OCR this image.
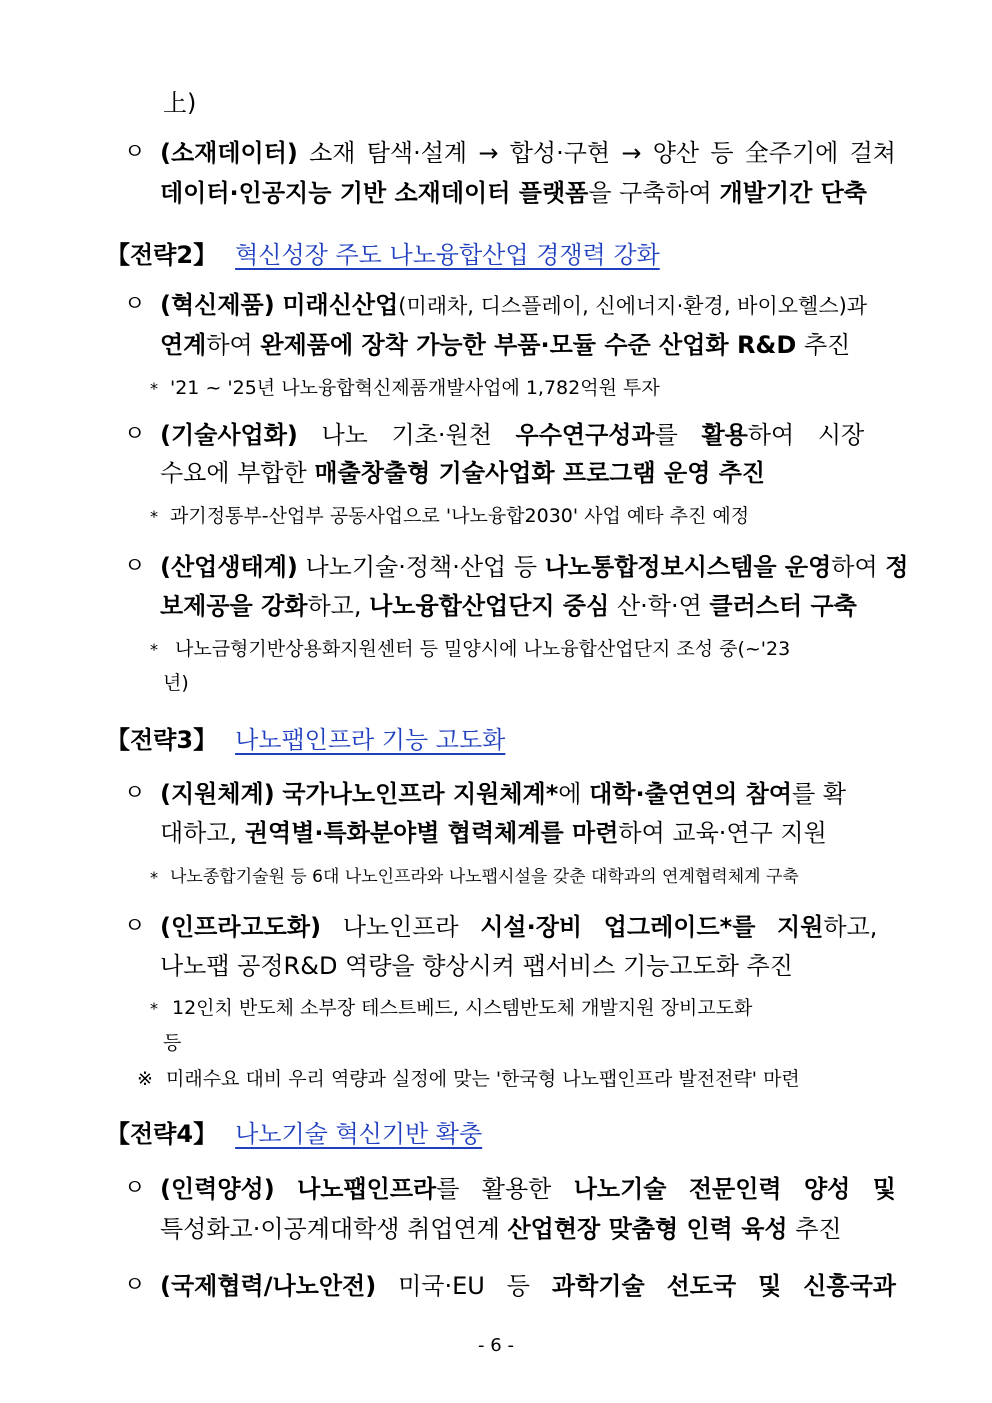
上)
ㅇ (소재데이터) 소재 탐색·설계 → 합성·구현 → 양산 등 全주기에 걸쳐
데이터·인공지능 기반 소재데이터 플랫폼을 구축하여 개발기간 단축
【전략2】 혁신성장 주도 나노융합산업 경쟁력 강화
ㅇ (혁신제품) 미래신산업(미래차, 디스플레이, 신에너지·환경, 바이오헬스)과
연계하여 완제품에 장착 가능한 부품·모듈 수준 산업화 R&D 추진
* '21 ~ '25년 나노융합혁신제품개발사업에 1,782억원 투자
ㅇ (기술사업화) 나노 기초·원천 우수연구성과를 활용하여 시장
수요에 부합한 매출창출형 기술사업화 프로그램 운영 추진
* 과기정통부-산업부 공동사업으로 '나노융합2030' 사업 예타 추진 예정
ㅇ (산업생태계) 나노기술·정책·산업 등 나노통합정보시스템을 운영하여 정
보제공을 강화하고, 나노융합산업단지 중심 산·학·연 클러스터 구축
* 나노금형기반상용화지원센터 등 밀양시에 나노융합산업단지 조성 중(~'23
년)
【전략3】 나노팹인프라 기능 고도화
ㅇ (지원체계) 국가나노인프라 지원체계*에 대학·출연연의 참여를 확
대하고, 권역별·특화분야별 협력체계를 마련하여 교육·연구 지원
* 나노종합기술원 등 6대 나노인프라와 나노팹시설을 갖춘 대학과의 연계협력체계 구축
ㅇ (인프라고도화) 나노인프라 시설·장비 업그레이드*를 지원하고,
나노팹 공정R&D 역량을 향상시켜 팹서비스 기능고도화 추진
* 12인치 반도체 소부장 테스트베드, 시스템반도체 개발지원 장비고도화
등
※ 미래수요 대비 우리 역량과 실정에 맞는 '한국형 나노팹인프라 발전전략' 마련
【전략4】 나노기술 혁신기반 확충
ㅇ (인력양성) 나노팹인프라를 활용한 나노기술 전문인력 양성 및
특성화고·이공계대학생 취업연계 산업현장 맞춤형 인력 육성 추진
ㅇ (국제협력/나노안전) 미국·EU 등 과학기술 선도국 및 신흥국과
- 6 -
